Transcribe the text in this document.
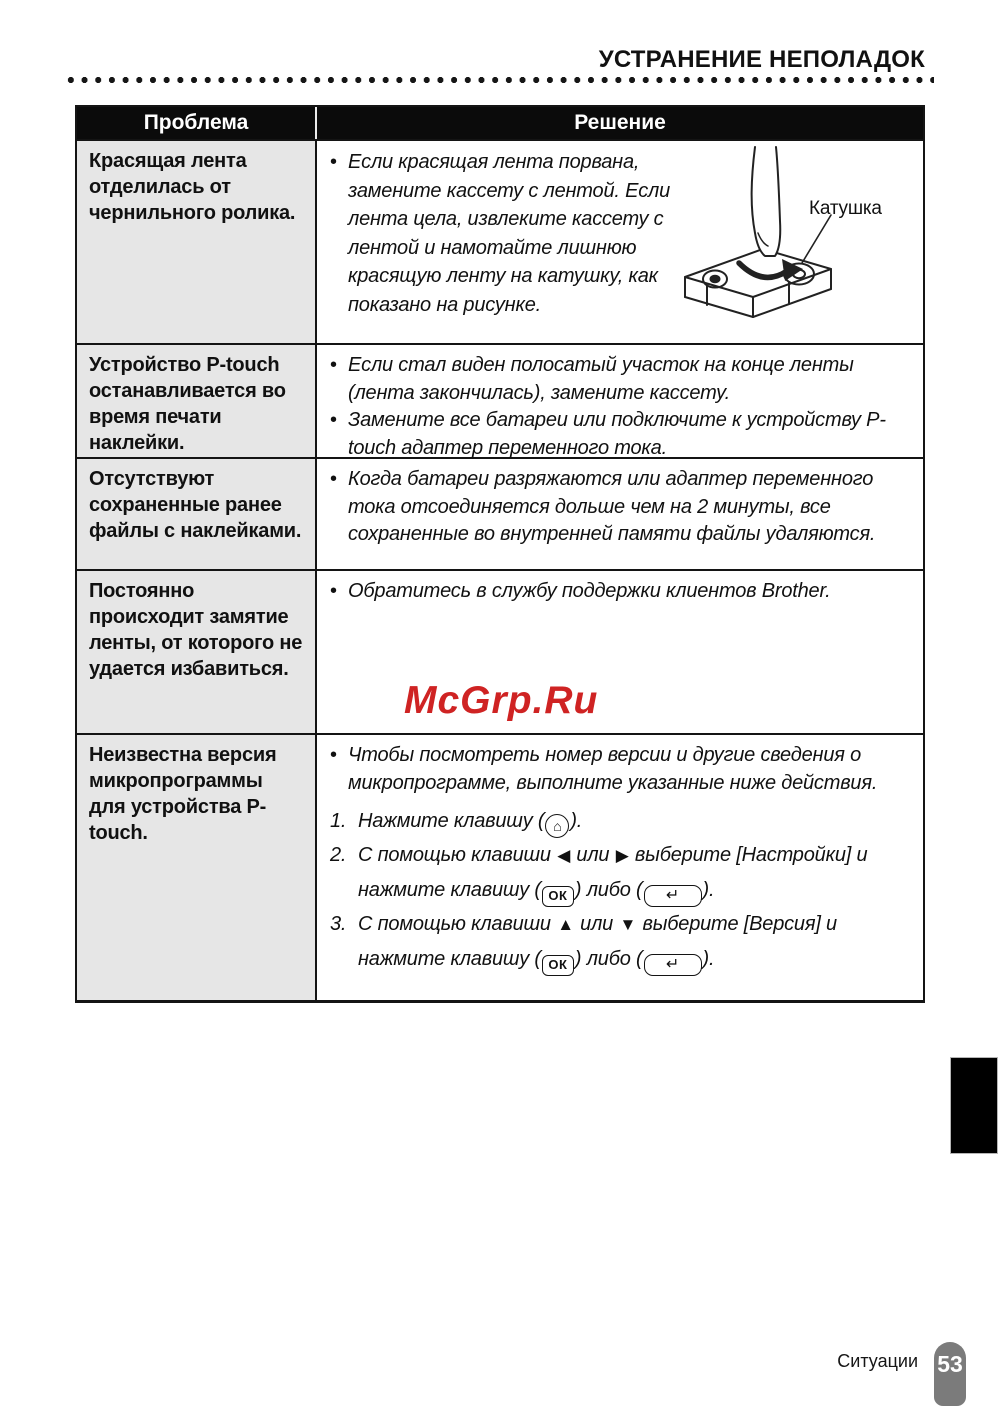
УСТРАНЕНИЕ НЕПОЛАДОК
Проблема	Решение
Красящая лента отделилась от чернильного ролика.
• Если красящая лента порвана, замените кассету с лентой. Если лента цела, извлеките кассету с лентой и намотайте лишнюю красящую ленту на катушку, как показано на рисунке.
Катушка
Устройство P-touch останавливается во время печати наклейки.
• Если стал виден полосатый участок на конце ленты (лента закончилась), замените кассету.
• Замените все батареи или подключите к устройству P-touch адаптер переменного тока.
Отсутствуют сохраненные ранее файлы с наклейками.
• Когда батареи разряжаются или адаптер переменного тока отсоединяется дольше чем на 2 минуты, все сохраненные во внутренней памяти файлы удаляются.
Постоянно происходит замятие ленты, от которого не удается избавиться.
• Обратитесь в службу поддержки клиентов Brother.
Неизвестна версия микропрограммы для устройства P-touch.
• Чтобы посмотреть номер версии и другие сведения о микропрограмме, выполните указанные ниже действия.
1. Нажмите клавишу ( ⌂ ).
2. С помощью клавиши ◀ или ▶ выберите [Настройки] и нажмите клавишу ( ОК ) либо ( ↵ ).
3. С помощью клавиши ▲ или ▼ выберите [Версия] и нажмите клавишу ( ОК ) либо ( ↵ ).
McGrp.Ru
Ситуации 53
